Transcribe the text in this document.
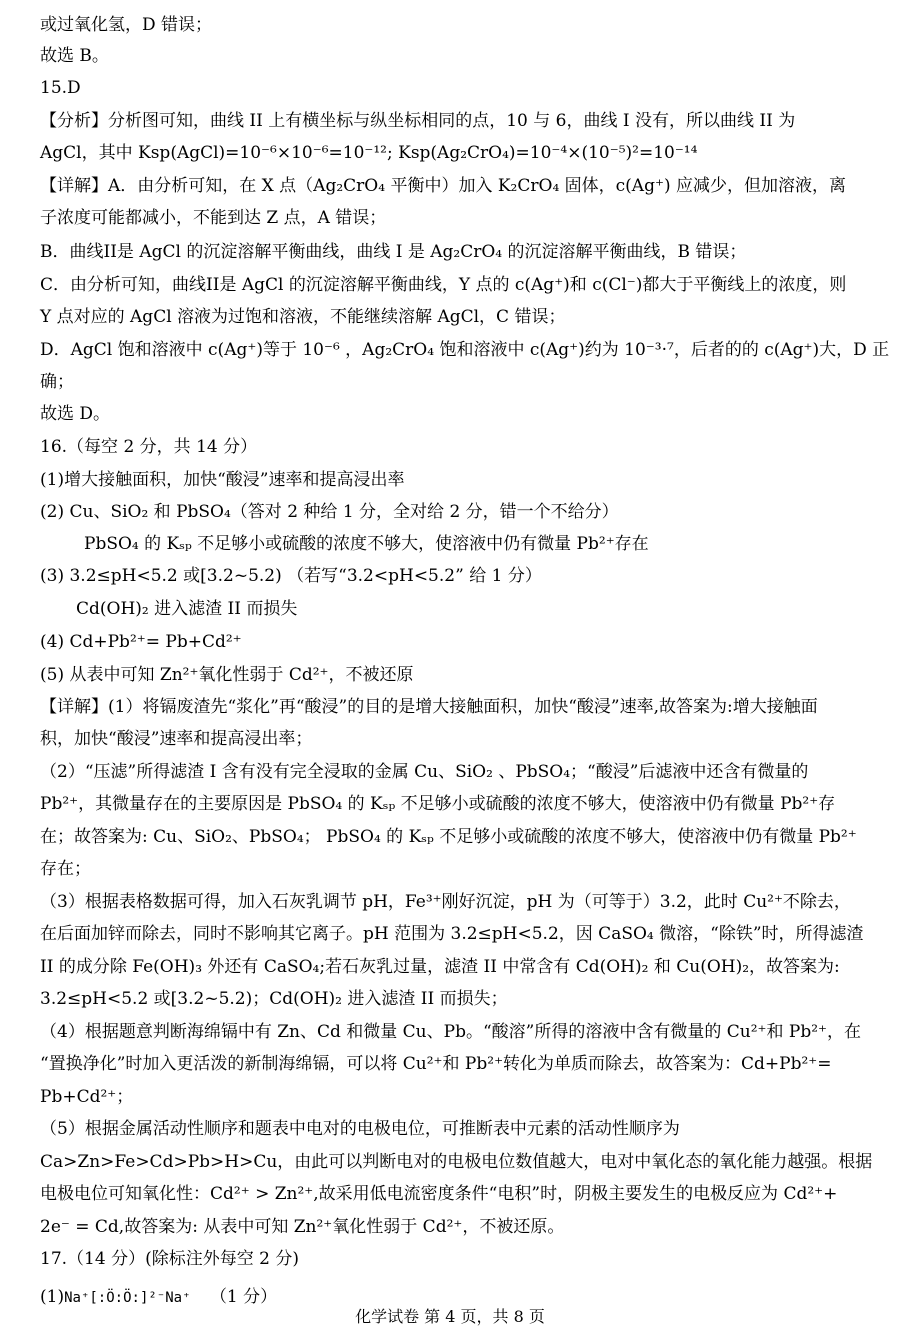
或过氧化氢，D 错误；
故选 B。
15.D
【分析】分析图可知，曲线 II 上有横坐标与纵坐标相同的点，10 与 6，曲线 I 没有，所以曲线 II 为
AgCl，其中 Ksp(AgCl)=10⁻⁶×10⁻⁶=10⁻¹²; Ksp(Ag₂CrO₄)=10⁻⁴×(10⁻⁵)²=10⁻¹⁴
【详解】A．由分析可知，在 X 点（Ag₂CrO₄ 平衡中）加入 K₂CrO₄ 固体，c(Ag⁺) 应减少，但加溶液，离
子浓度可能都减小，不能到达 Z 点，A 错误；
B．曲线II是 AgCl 的沉淀溶解平衡曲线，曲线 I 是 Ag₂CrO₄ 的沉淀溶解平衡曲线，B 错误；
C．由分析可知，曲线II是 AgCl 的沉淀溶解平衡曲线，Y 点的 c(Ag⁺)和 c(Cl⁻)都大于平衡线上的浓度，则
Y 点对应的 AgCl 溶液为过饱和溶液，不能继续溶解 AgCl，C 错误；
D．AgCl 饱和溶液中 c(Ag⁺)等于 10⁻⁶ ，Ag₂CrO₄ 饱和溶液中 c(Ag⁺)约为 10⁻³·⁷，后者的的 c(Ag⁺)大，D 正
确；
故选 D。
16.（每空 2 分，共 14 分）
(1)增大接触面积，加快“酸浸”速率和提高浸出率
(2) Cu、SiO₂ 和 PbSO₄（答对 2 种给 1 分，全对给 2 分，错一个不给分）
PbSO₄ 的 Kₛₚ 不足够小或硫酸的浓度不够大，使溶液中仍有微量 Pb²⁺存在
(3) 3.2≤pH<5.2 或[3.2~5.2) （若写“3.2<pH<5.2” 给 1 分）
Cd(OH)₂ 进入滤渣 II 而损失
(4) Cd+Pb²⁺= Pb+Cd²⁺
(5) 从表中可知 Zn²⁺氧化性弱于 Cd²⁺，不被还原
【详解】(1）将镉废渣先“浆化”再“酸浸”的目的是增大接触面积，加快“酸浸”速率,故答案为:增大接触面
积，加快“酸浸”速率和提高浸出率；
（2）“压滤”所得滤渣 I 含有没有完全浸取的金属 Cu、SiO₂ 、PbSO₄；“酸浸”后滤液中还含有微量的
Pb²⁺，其微量存在的主要原因是 PbSO₄ 的 Kₛₚ 不足够小或硫酸的浓度不够大，使溶液中仍有微量 Pb²⁺存
在；故答案为: Cu、SiO₂、PbSO₄； PbSO₄ 的 Kₛₚ 不足够小或硫酸的浓度不够大，使溶液中仍有微量 Pb²⁺
存在；
（3）根据表格数据可得，加入石灰乳调节 pH，Fe³⁺刚好沉淀，pH 为（可等于）3.2，此时 Cu²⁺不除去，
在后面加锌而除去，同时不影响其它离子。pH 范围为 3.2≤pH<5.2，因 CaSO₄ 微溶，“除铁”时，所得滤渣
II 的成分除 Fe(OH)₃ 外还有 CaSO₄;若石灰乳过量，滤渣 II 中常含有 Cd(OH)₂ 和 Cu(OH)₂，故答案为:
3.2≤pH<5.2 或[3.2~5.2)；Cd(OH)₂ 进入滤渣 II 而损失；
（4）根据题意判断海绵镉中有 Zn、Cd 和微量 Cu、Pb。“酸溶”所得的溶液中含有微量的 Cu²⁺和 Pb²⁺，在
“置换净化”时加入更活泼的新制海绵镉，可以将 Cu²⁺和 Pb²⁺转化为单质而除去，故答案为：Cd+Pb²⁺=
Pb+Cd²⁺；
（5）根据金属活动性顺序和题表中电对的电极电位，可推断表中元素的活动性顺序为
Ca>Zn>Fe>Cd>Pb>H>Cu，由此可以判断电对的电极电位数值越大，电对中氧化态的氧化能力越强。根据
电极电位可知氧化性：Cd²⁺ > Zn²⁺,故采用低电流密度条件“电积”时，阴极主要发生的电极反应为 Cd²⁺+
2e⁻ = Cd,故答案为: 从表中可知 Zn²⁺氧化性弱于 Cd²⁺，不被还原。
17.（14 分）(除标注外每空 2 分)
(1)Na⁺[:Ö:Ö:]²⁻Na⁺ （1 分）
化学试卷 第 4 页，共 8 页
